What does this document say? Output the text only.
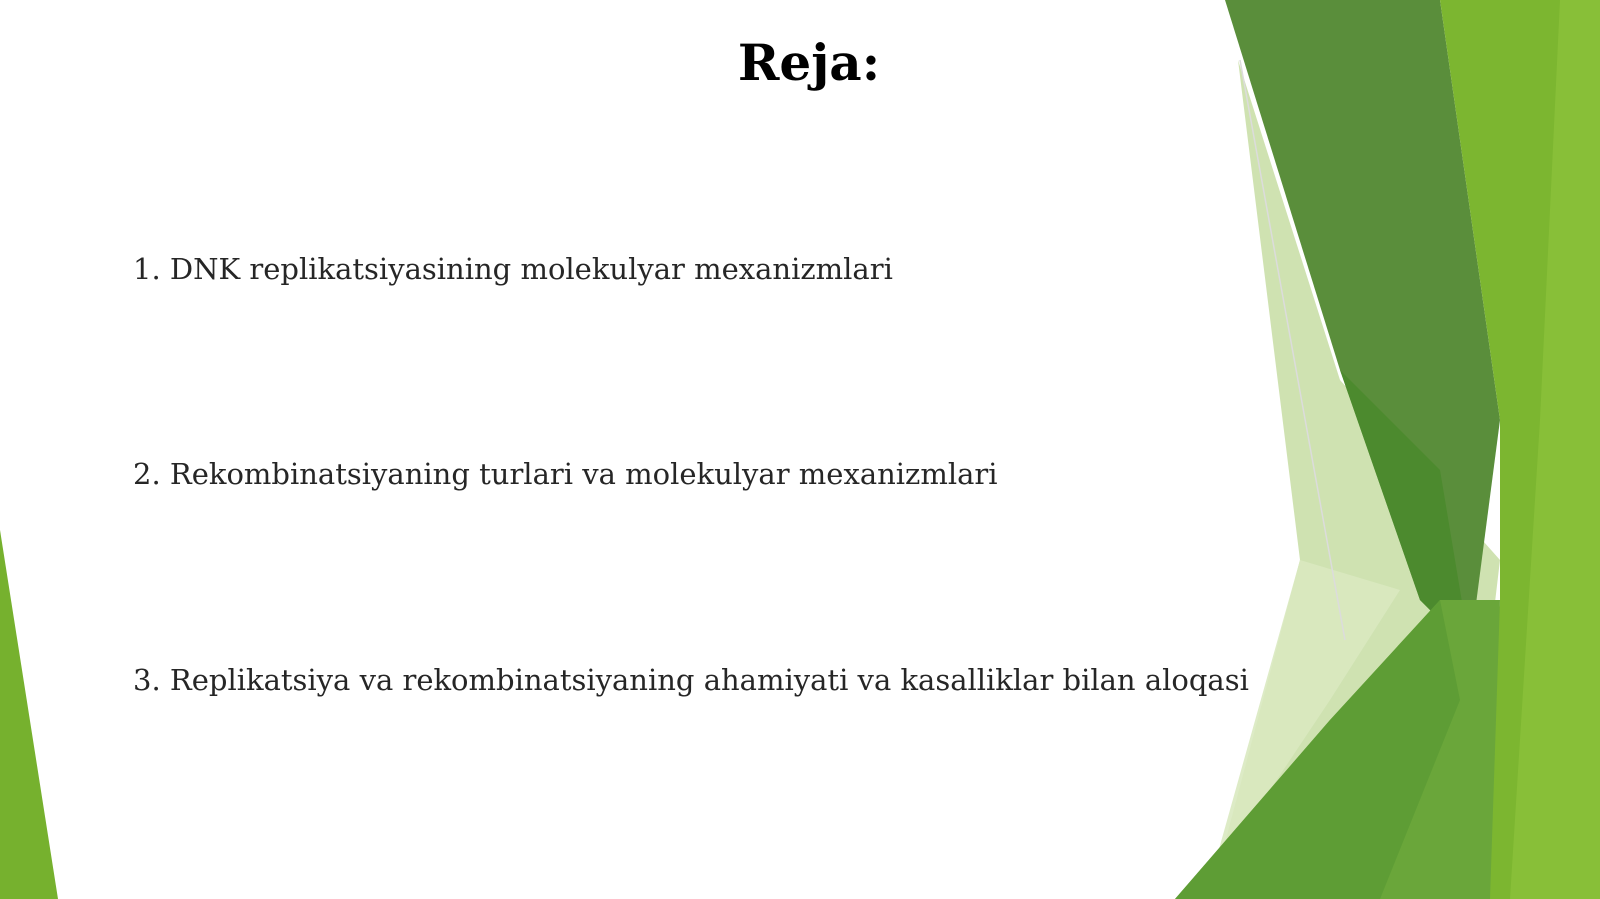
Reja:
1. DNK replikatsiyasining molekulyar mexanizmlari
2. Rekombinatsiyaning turlari va molekulyar mexanizmlari
3. Replikatsiya va rekombinatsiyaning ahamiyati va kasalliklar bilan aloqasi
